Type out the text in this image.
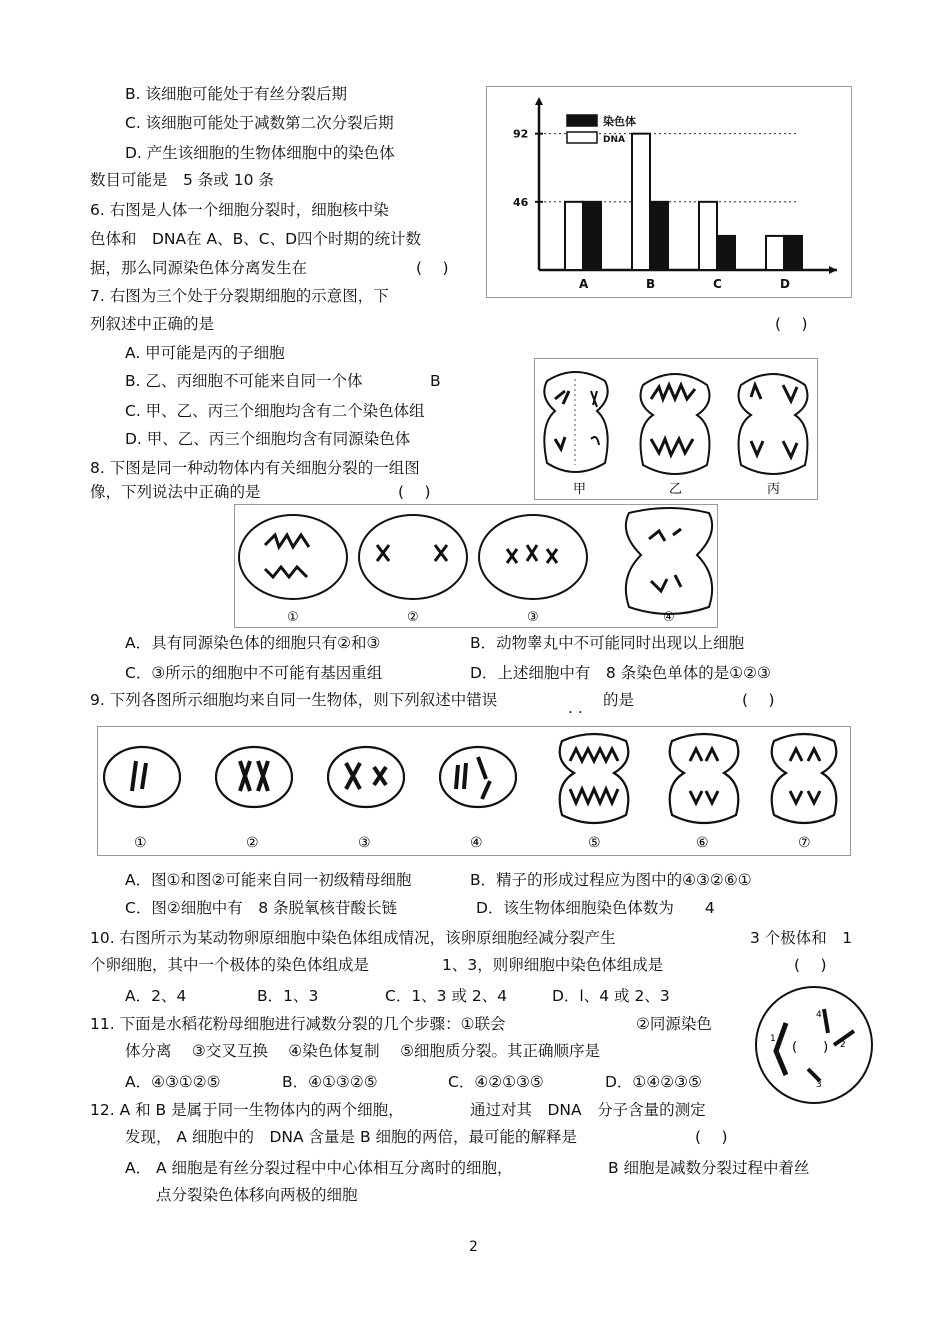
B. 该细胞可能处于有丝分裂后期
C. 该细胞可能处于减数第二次分裂后期
D. 产生该细胞的生物体细胞中的染色体
数目可能是　5 条或 10 条
6. 右图是人体一个细胞分裂时，细胞核中染
色体和　DNA在 A、B、C、D四个时期的统计数
据，那么同源染色体分离发生在	(　 )
92
46
A	B	C	D
染色体
DNA
7. 右图为三个处于分裂期细胞的示意图，下
列叙述中正确的是	(　 )
A. 甲可能是丙的子细胞
B. 乙、丙细胞不可能来自同一个体	B
C. 甲、乙、丙三个细胞均含有二个染色体组
D. 甲、乙、丙三个细胞均含有同源染色体
甲	乙	丙
8. 下图是同一种动物体内有关细胞分裂的一组图
像，下列说法中正确的是	(　 )
①	②	③	④
A．具有同源染色体的细胞只有②和③	B．动物睾丸中不可能同时出现以上细胞
C．③所示的细胞中不可能有基因重组	D．上述细胞中有　8 条染色单体的是①②③
9. 下列各图所示细胞均来自同一生物体，则下列叙述中错误	. . 的是	(　 )
①	②	③	④	⑤	⑥	⑦
A．图①和图②可能来自同一初级精母细胞	B．精子的形成过程应为图中的④③②⑥①
C．图②细胞中有　8 条脱氧核苷酸长链	D．该生物体细胞染色体数为　　4
10. 右图所示为某动物卵原细胞中染色体组成情况，该卵原细胞经减分裂产生	3 个极体和　1
个卵细胞，其中一个极体的染色体组成是	1、3，则卵细胞中染色体组成是	(　 )
A．2、4	B．1、3	C．1、3 或 2、4	D．l、4 或 2、3
1
2
3
4
(　　)
11. 下面是水稻花粉母细胞进行减数分裂的几个步骤：①联会	②同源染色
体分离　 ③交叉互换　 ④染色体复制　 ⑤细胞质分裂。其正确顺序是
A．④③①②⑤	B．④①③②⑤	C．④②①③⑤	D．①④②③⑤
12. A 和 B 是属于同一生物体内的两个细胞，	通过对其　DNA　分子含量的测定
发现， A 细胞中的　DNA 含量是 B 细胞的两倍，最可能的解释是	(　 )
A． A 细胞是有丝分裂过程中中心体相互分离时的细胞，	B 细胞是减数分裂过程中着丝
点分裂染色体移向两极的细胞
2
